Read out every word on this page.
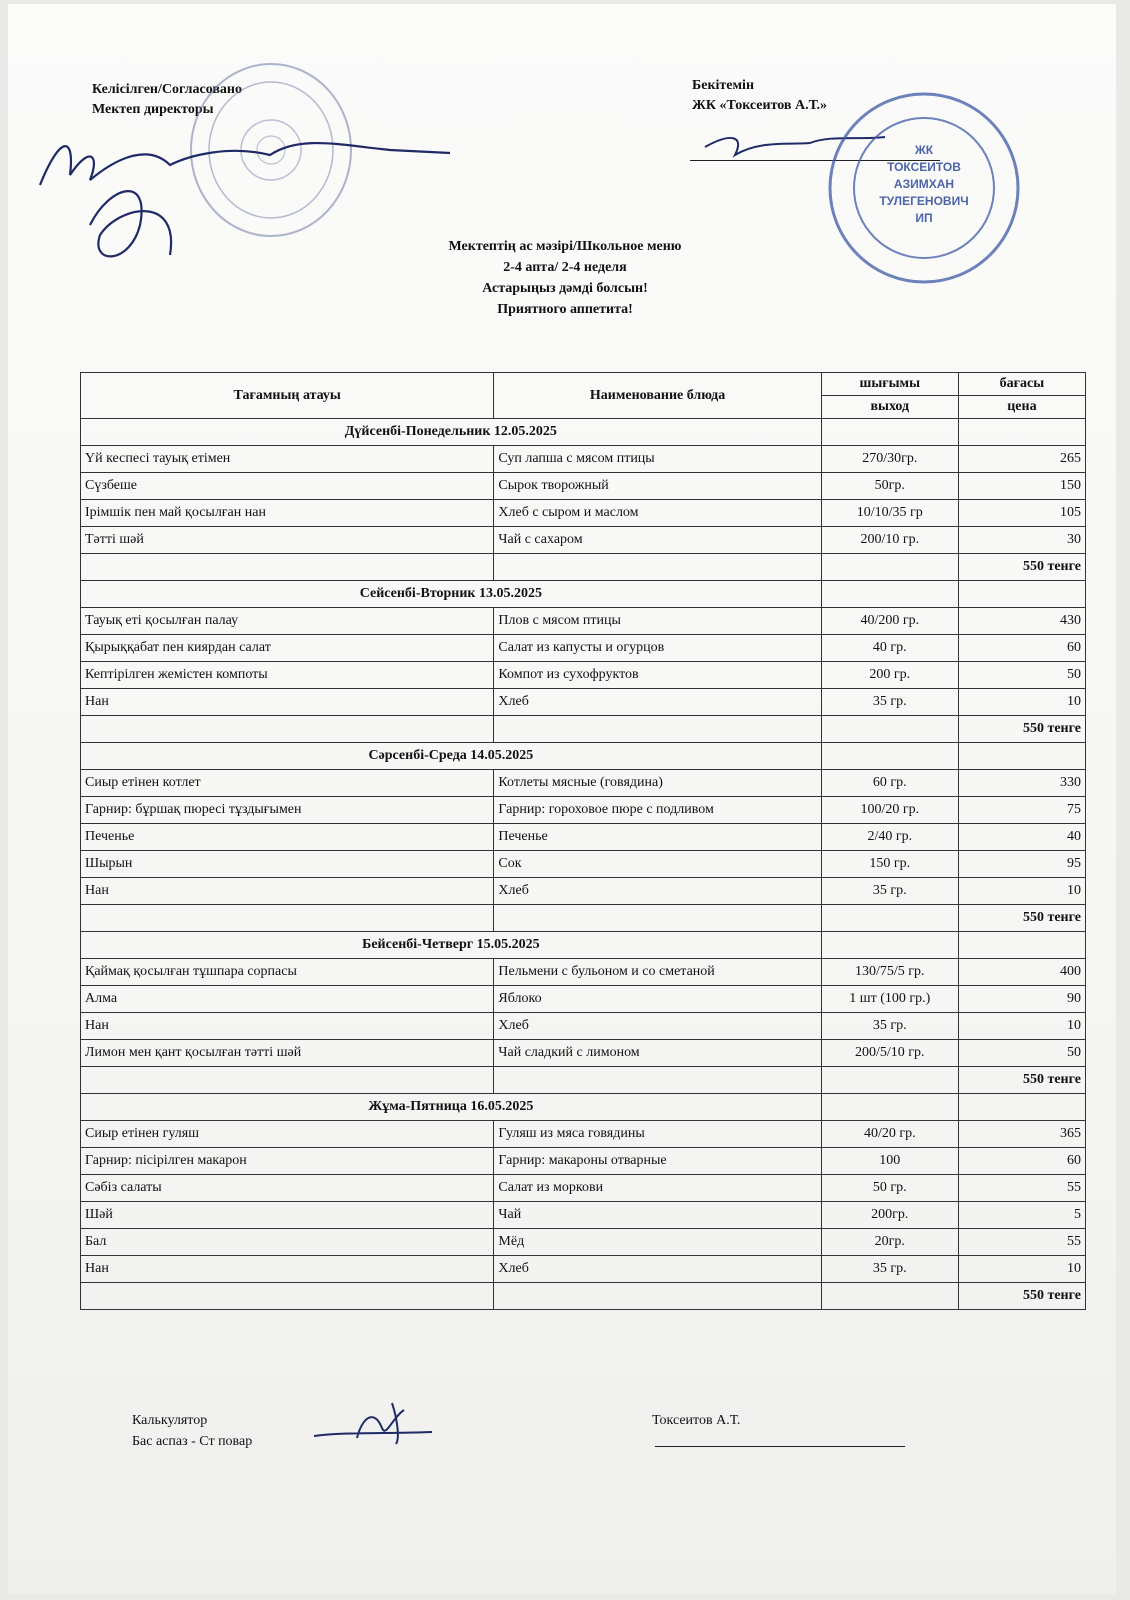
Келісілген/Согласовано
Мектеп директоры
Бекітемін
ЖК «Токсеитов А.Т.»
ЖК
ТОКСЕИТОВ
АЗИМХАН
ТУЛЕГЕНОВИЧ
ИП
Мектептің ас мәзірі/Школьное меню
2-4 апта/ 2-4 неделя
Астарыңыз дәмді болсын!
Приятного аппетита!
Тағамның атауы	Наименование блюда	шығымы	бағасы
		выход	цена
Дүйсенбі-Понедельник 12.05.2025			
Үй кеспесі тауық етімен	Суп лапша с мясом птицы	270/30гр.	265
Сүзбеше	Сырок творожный	50гр.	150
Ірімшік пен май қосылған нан	Хлеб с сыром и маслом	10/10/35 гр	105
Тәтті шәй	Чай с сахаром	200/10 гр.	30
			550 тенге
Сейсенбі-Вторник 13.05.2025			
Тауық еті қосылған палау	Плов с мясом птицы	40/200 гр.	430
Қырыққабат пен киярдан салат	Салат из капусты и огурцов	40 гр.	60
Кептірілген жемістен компоты	Компот из сухофруктов	200 гр.	50
Нан	Хлеб	35 гр.	10
			550 тенге
Сәрсенбі-Среда 14.05.2025			
Сиыр етінен котлет	Котлеты мясные (говядина)	60 гр.	330
Гарнир: бұршақ пюресі тұздығымен	Гарнир: гороховое пюре с подливом	100/20 гр.	75
Печенье	Печенье	2/40 гр.	40
Шырын	Сок	150 гр.	95
Нан	Хлеб	35 гр.	10
			550 тенге
Бейсенбі-Четверг 15.05.2025			
Қаймақ қосылған тұшпара сорпасы	Пельмени с бульоном и со сметаной	130/75/5 гр.	400
Алма	Яблоко	1 шт (100 гр.)	90
Нан	Хлеб	35 гр.	10
Лимон мен қант қосылған тәтті шәй	Чай сладкий с лимоном	200/5/10 гр.	50
			550 тенге
Жұма-Пятница 16.05.2025			
Сиыр етінен гуляш	Гуляш из мяса говядины	40/20 гр.	365
Гарнир: пісірілген макарон	Гарнир: макароны отварные	100	60
Сәбіз салаты	Салат из моркови	50 гр.	55
Шәй	Чай	200гр.	5
Бал	Мёд	20гр.	55
Нан	Хлеб	35 гр.	10
			550 тенге
Калькулятор
Бас аспаз - Ст повар
Токсеитов А.Т.
